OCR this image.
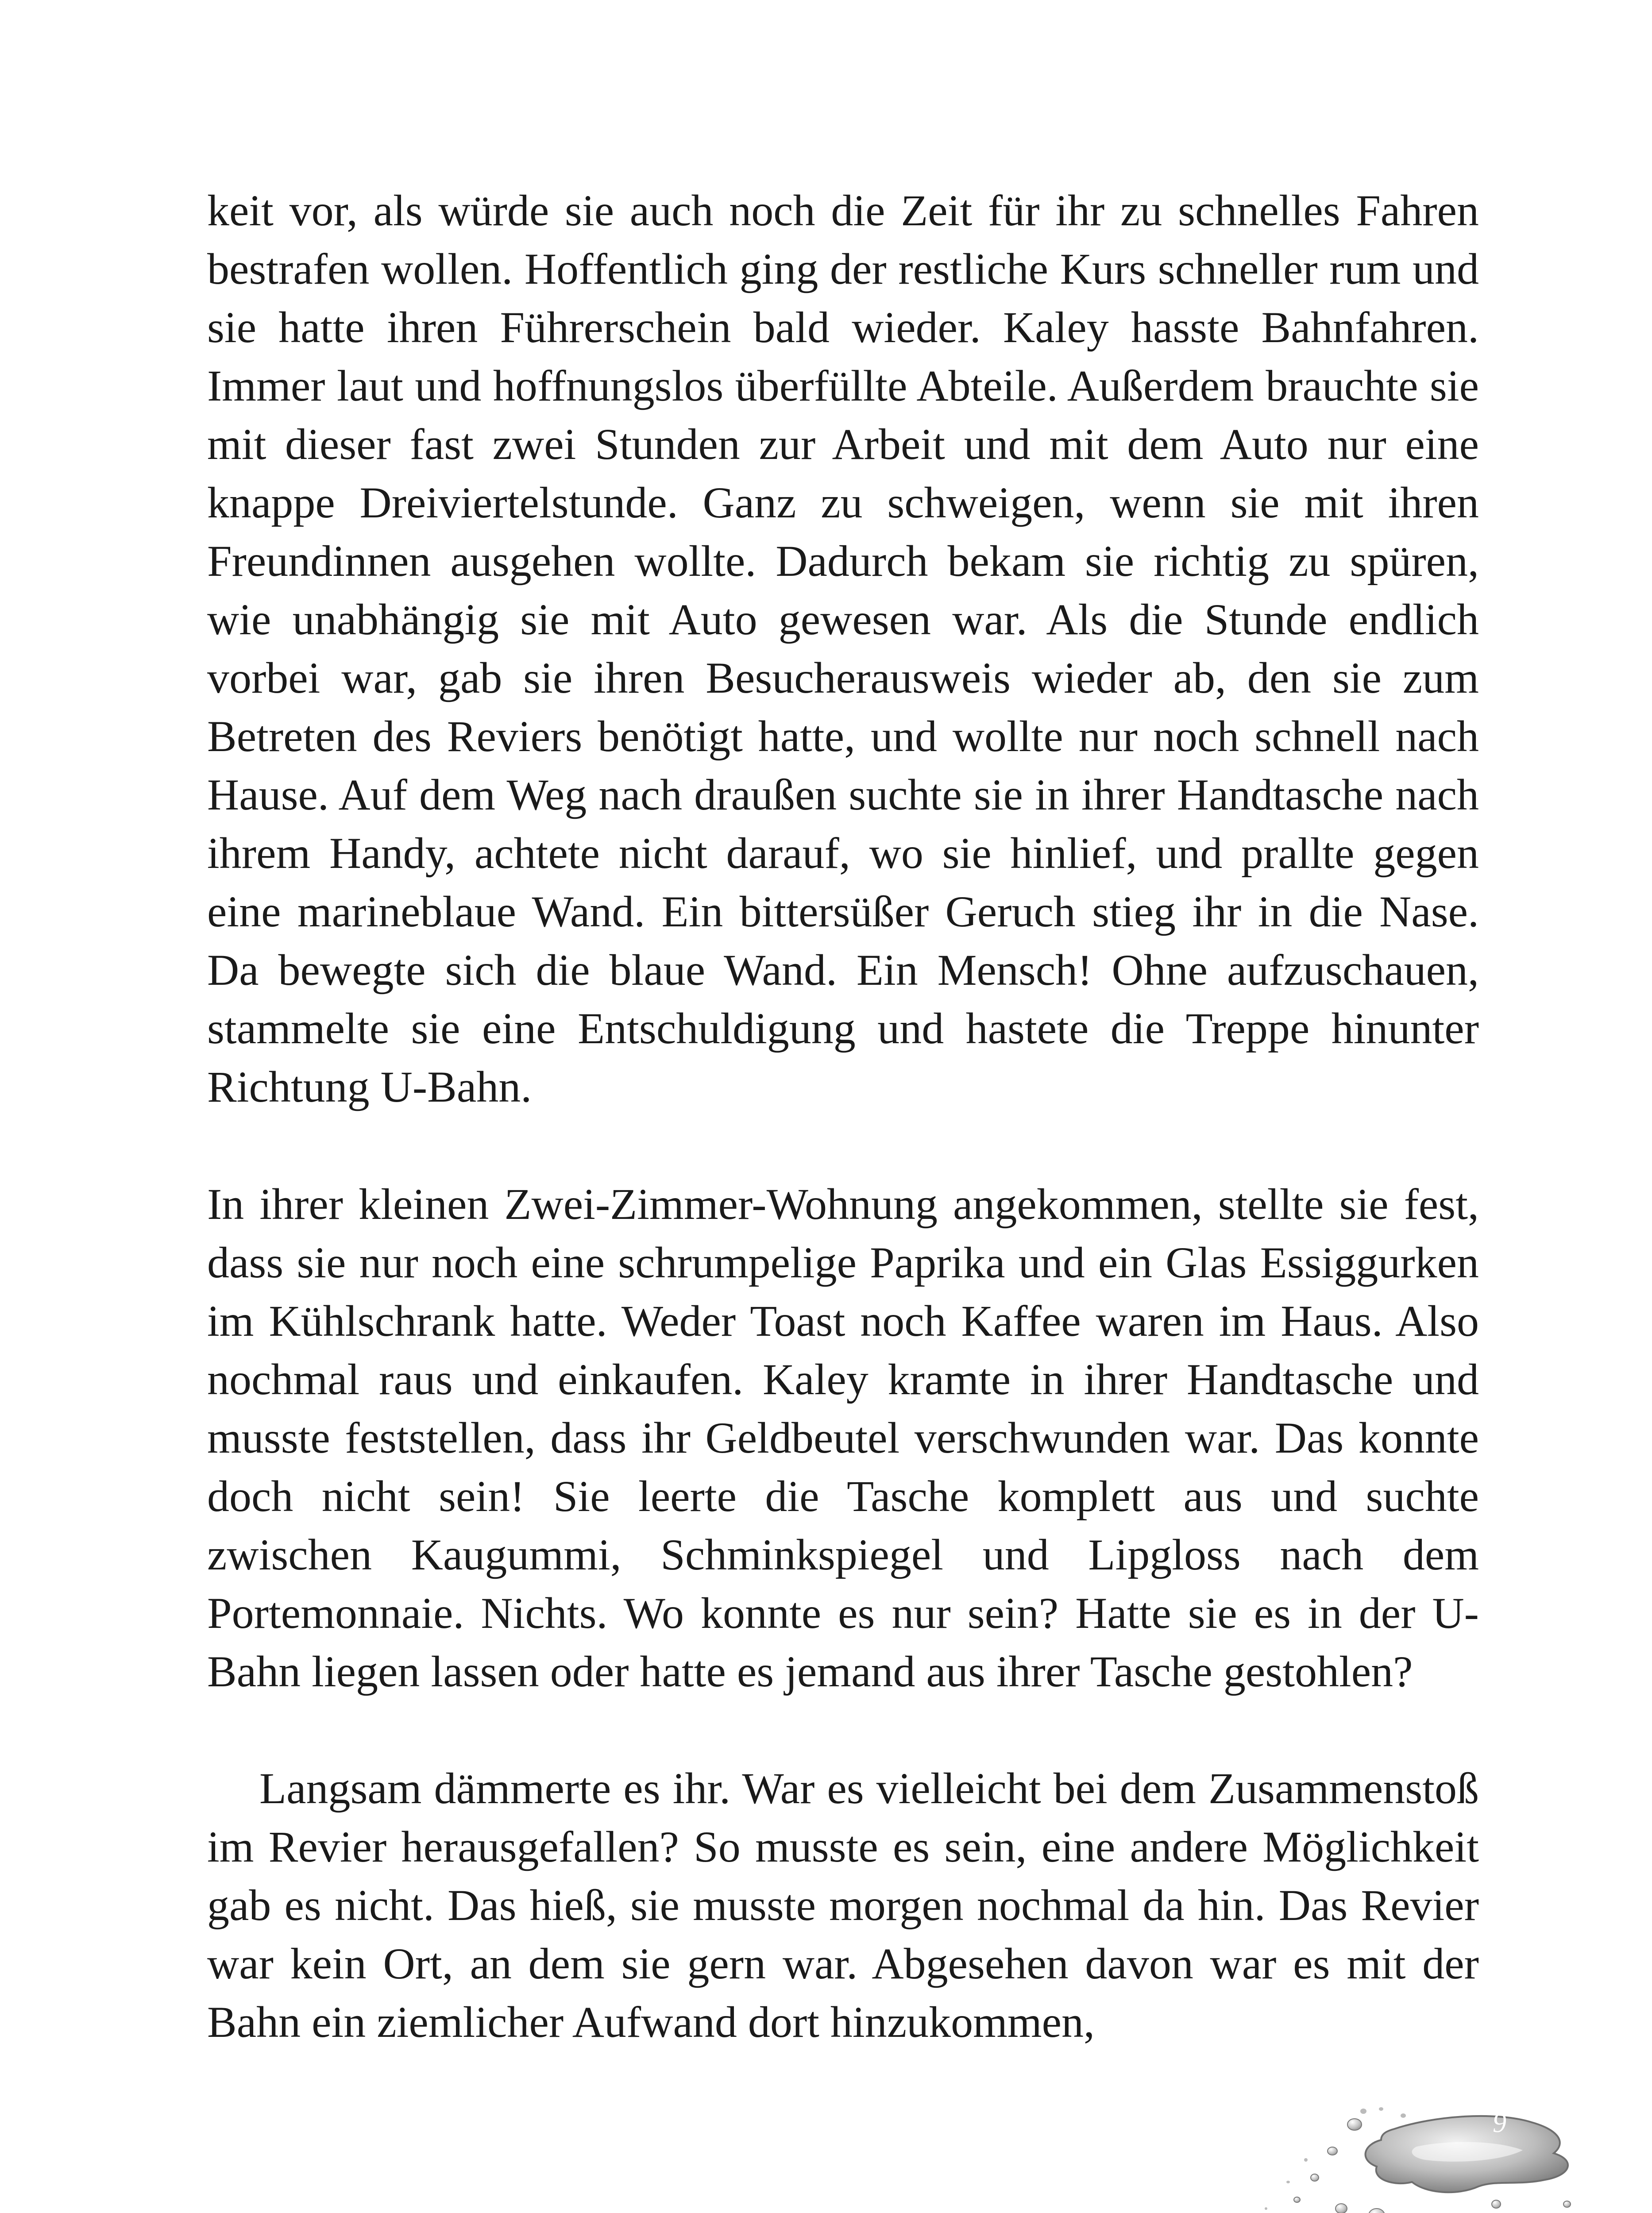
keit vor, als würde sie auch noch die Zeit für ihr zu schnelles Fahren bestrafen wollen. Hoffentlich ging der restliche Kurs schneller rum und sie hatte ihren Führerschein bald wieder. Kaley hasste Bahnfahren. Immer laut und hoffnungslos überfüllte Abteile. Außerdem brauchte sie mit dieser fast zwei Stunden zur Arbeit und mit dem Auto nur eine knappe Dreiviertelstunde. Ganz zu schweigen, wenn sie mit ihren Freundinnen ausgehen wollte. Dadurch bekam sie richtig zu spüren, wie unabhängig sie mit Auto gewesen war. Als die Stunde endlich vorbei war, gab sie ihren Besucherausweis wieder ab, den sie zum Betreten des Reviers benötigt hatte, und wollte nur noch schnell nach Hause. Auf dem Weg nach draußen suchte sie in ihrer Handtasche nach ihrem Handy, achtete nicht darauf, wo sie hinlief, und prallte gegen eine marineblaue Wand. Ein bittersüßer Geruch stieg ihr in die Nase. Da bewegte sich die blaue Wand. Ein Mensch! Ohne aufzuschauen, stammelte sie eine Entschuldigung und hastete die Treppe hinunter Richtung U-Bahn.

In ihrer kleinen Zwei-Zimmer-Wohnung angekommen, stellte sie fest, dass sie nur noch eine schrumpelige Paprika und ein Glas Essiggurken im Kühlschrank hatte. Weder Toast noch Kaffee waren im Haus. Also nochmal raus und einkaufen. Kaley kramte in ihrer Handtasche und musste feststellen, dass ihr Geldbeutel verschwunden war. Das konnte doch nicht sein! Sie leerte die Tasche komplett aus und suchte zwischen Kaugummi, Schminkspiegel und Lipgloss nach dem Portemonnaie. Nichts. Wo konnte es nur sein? Hatte sie es in der U-Bahn liegen lassen oder hatte es jemand aus ihrer Tasche gestohlen?

Langsam dämmerte es ihr. War es vielleicht bei dem Zusammenstoß im Revier herausgefallen? So musste es sein, eine andere Möglichkeit gab es nicht. Das hieß, sie musste morgen nochmal da hin. Das Revier war kein Ort, an dem sie gern war. Abgesehen davon war es mit der Bahn ein ziemlicher Aufwand dort hinzukommen,

9
